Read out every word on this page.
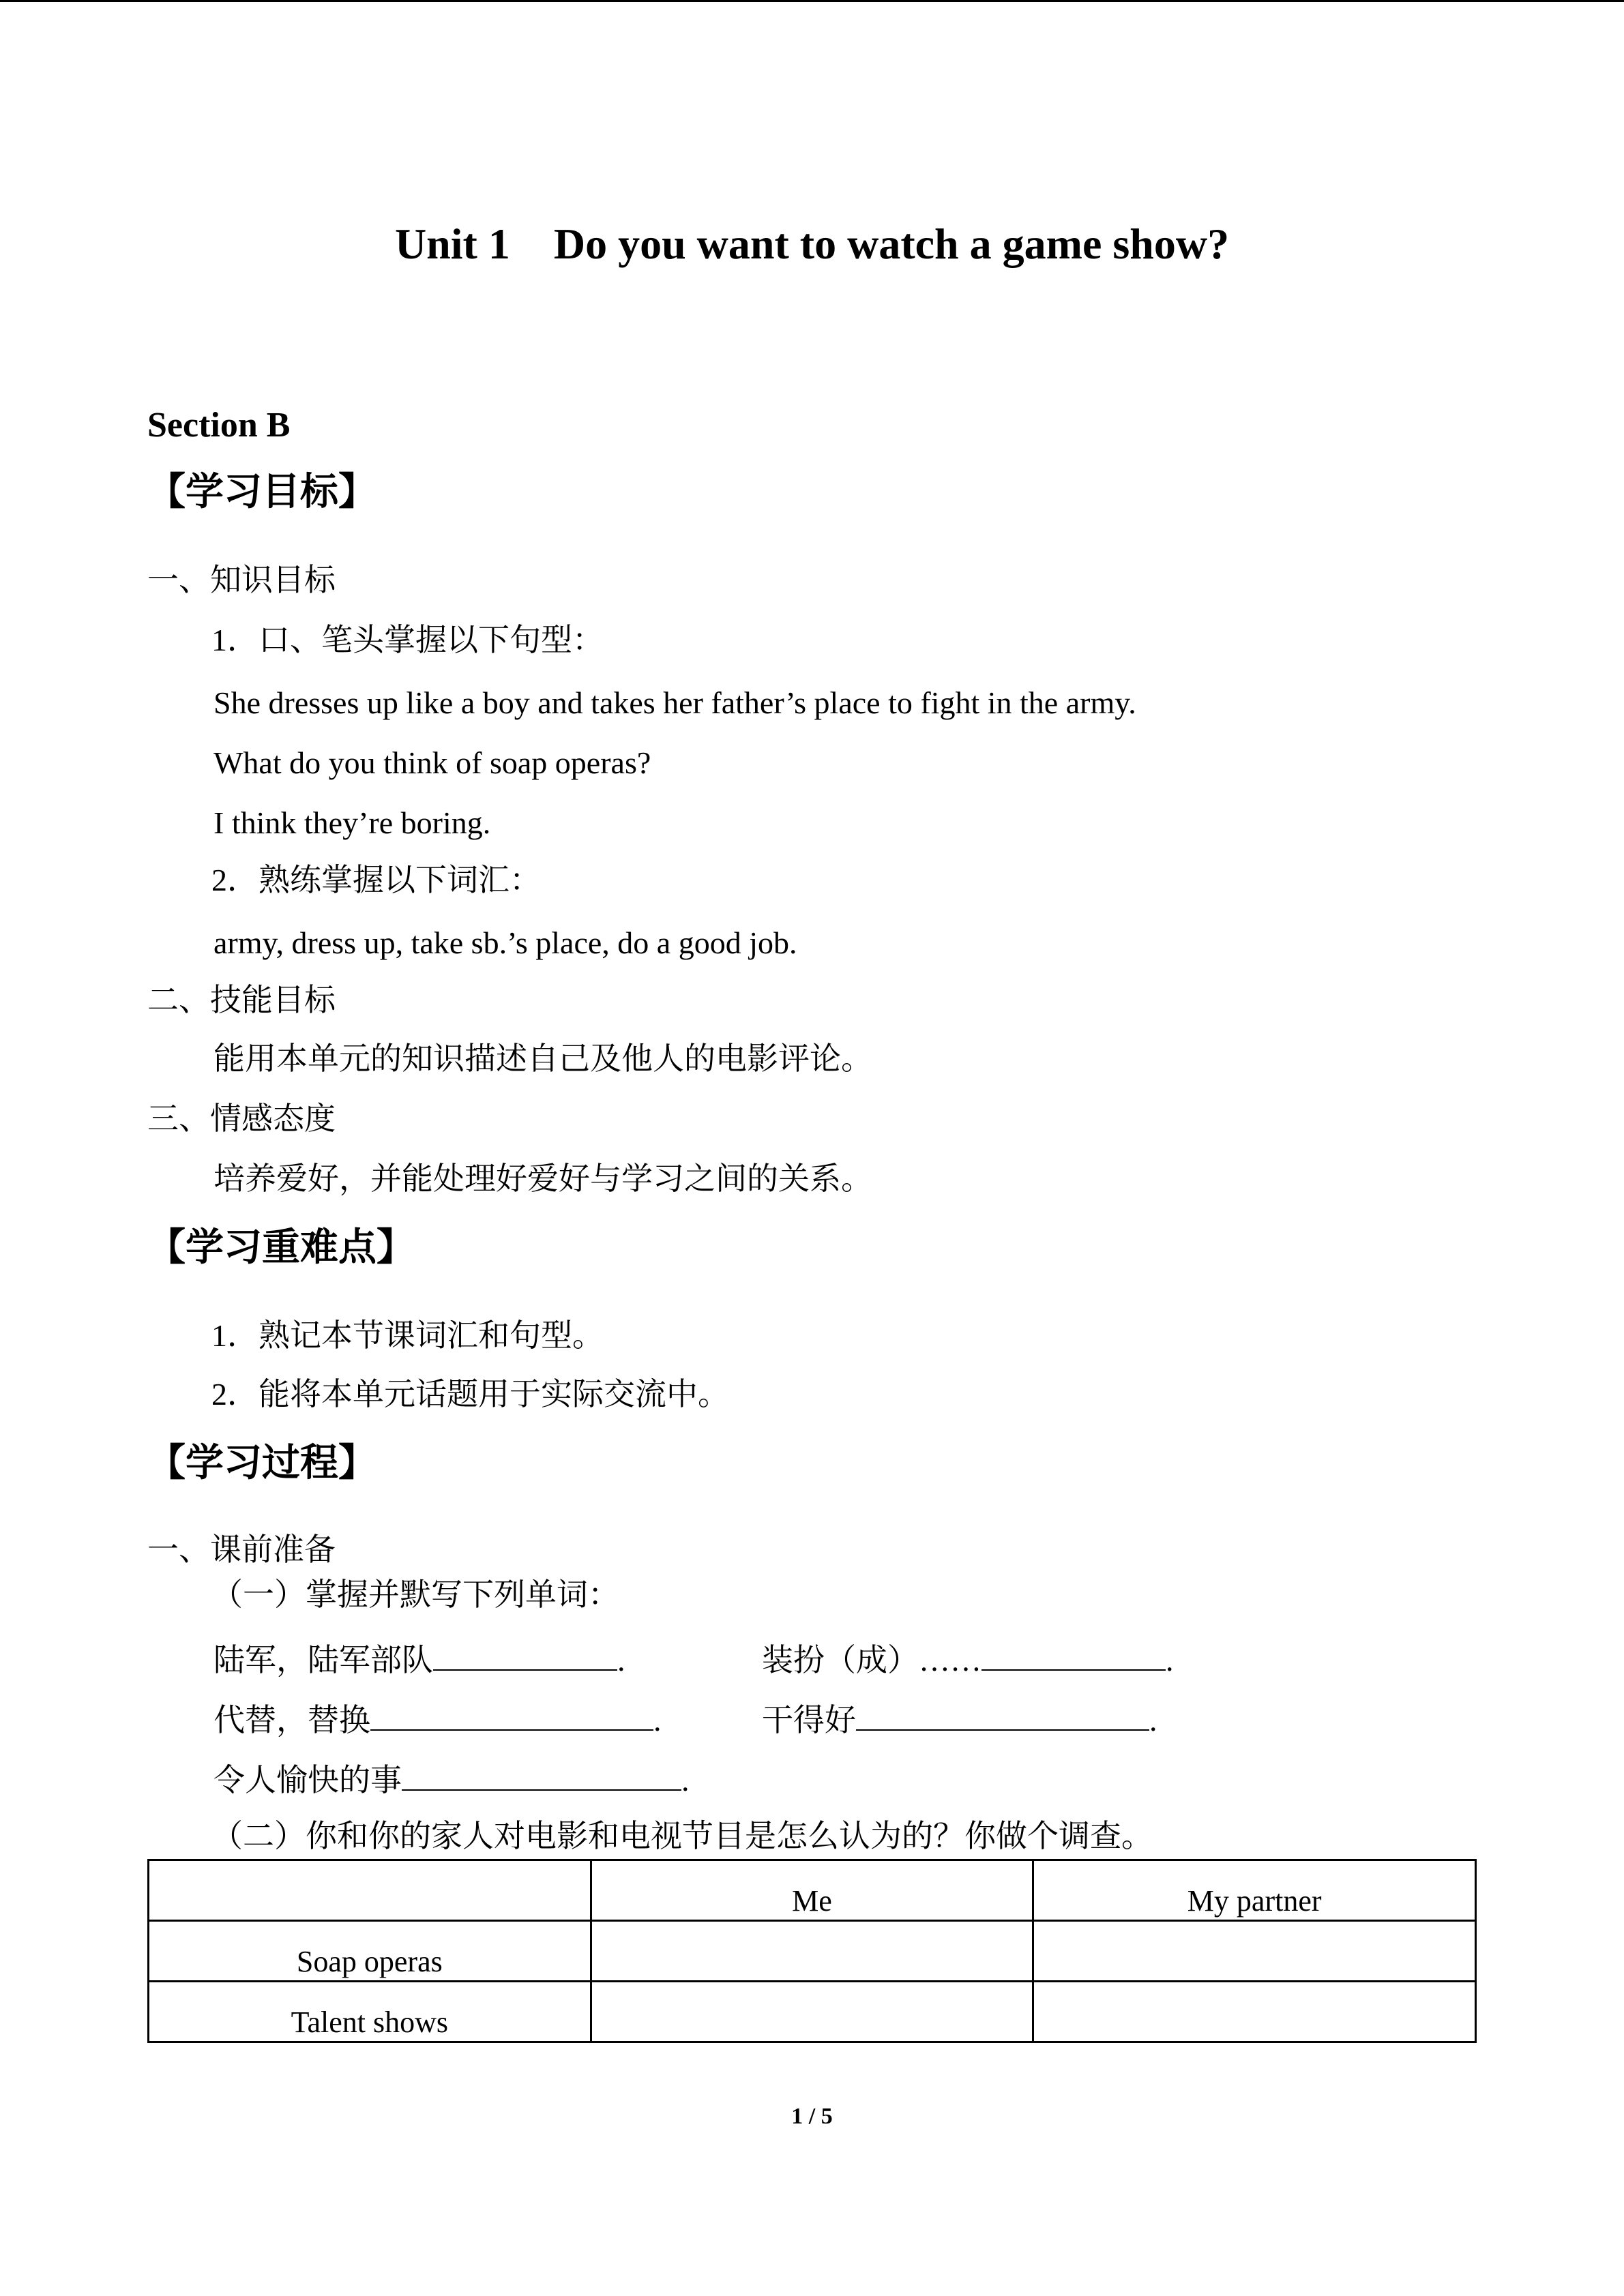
Unit 1    Do you want to watch a game show?
Section B
【学习目标】
一、知识目标
1．口、笔头掌握以下句型：
She dresses up like a boy and takes her father’s place to fight in the army.
What do you think of soap operas?
I think they’re boring.
2．熟练掌握以下词汇：
army, dress up, take sb.’s place, do a good job.
二、技能目标
能用本单元的知识描述自己及他人的电影评论。
三、情感态度
培养爱好，并能处理好爱好与学习之间的关系。
【学习重难点】
1．熟记本节课词汇和句型。
2．能将本单元话题用于实际交流中。
【学习过程】
一、课前准备
（一）掌握并默写下列单词：
陆军，陆军部队	.	装扮（成）……	.
代替，替换	.	干得好	.
令人愉快的事	.
（二）你和你的家人对电影和电视节目是怎么认为的？你做个调查。
	Me	My partner
Soap operas		
Talent shows		
1 / 5
